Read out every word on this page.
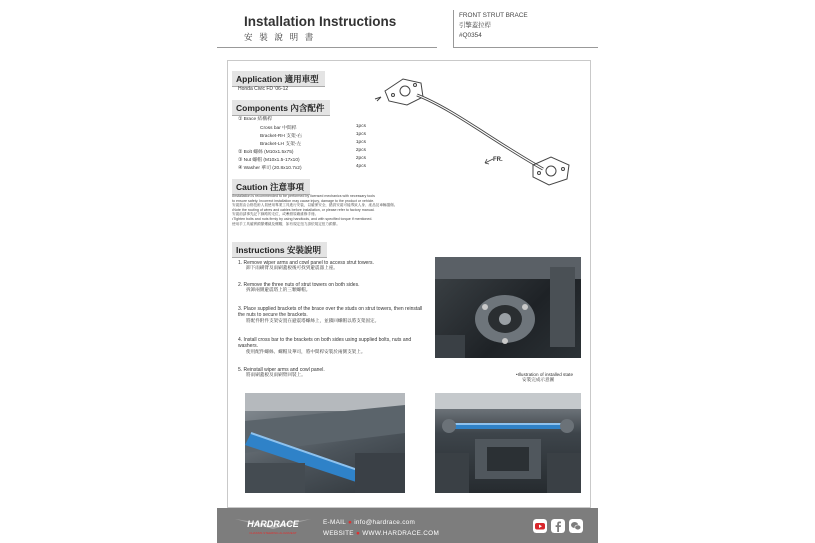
Installation Instructions
安 裝 說 明 書
FRONT STRUT BRACE
引擎蓋拉桿
#Q0354
Application 適用車型
Honda Civic FD '06-12
Components 內含配件
① Brace 結構桿
Cross bar 中間桿	1pcs
Bracket-RH 支架-右	1pcs
Bracket-LH 支架-左	1pcs
② Bolt 螺絲 (M10x1.5x75)	2pcs
③ Nut 螺帽 (M10x1.5-17x10)	2pcs
④ Washer 華司 (20.8x10.7x2)	4pcs
FR.
Caution 注意事項
•Installation is recommended to be performed by licensed mechanics with necessary tools
to ensure safety. Incorrect installation may cause injury, damage to the product or vehicle.
安裝需由合格技術人員使用專業工具進行安裝，以確保安全，錯誤安裝可能導致人身、產品及車輛損傷。
•Note the routing of wires and cables before installation, or please refer to factory manual.
安裝前請事先記下線路的走位，或參照原廠維修手冊。
•Tighten bolts and nuts firmly by using handtools, and with specified torque if mentioned.
使用手工具確實鎖緊螺絲及螺帽，如有規定扭力請依規定扭力鎖緊。
Instructions 安裝說明
1. Remove wiper arms and cowl panel to access strut towers.
卸下雨刷臂及雨刷蓋板後可找到避震器上座。
2. Remove the three nuts of strut towers on both sides.
拆卸兩側避震塔上的三顆螺帽。
3. Place supplied brackets of the brace over the studs on strut towers, then reinstall the nuts to secure the brackets.
將配件附件支架安置在避震塔螺絲上，並鎖回螺帽以將支架固定。
4. Install cross bar to the brackets on both sides using supplied bolts, nuts and washers.
使用配件螺絲、螺帽及華司，將中間桿安裝於兩側支架上。
5. Reinstall wiper arms and cowl panel.
將雨刷蓋板及雨刷臂回裝上。	•Illustration of installed state
安裝完成示意圖
HARDRACE
CHASSIS STEERING ALIGNMENT
E-MAIL ● info@hardrace.com
WEBSITE ● WWW.HARDRACE.COM
